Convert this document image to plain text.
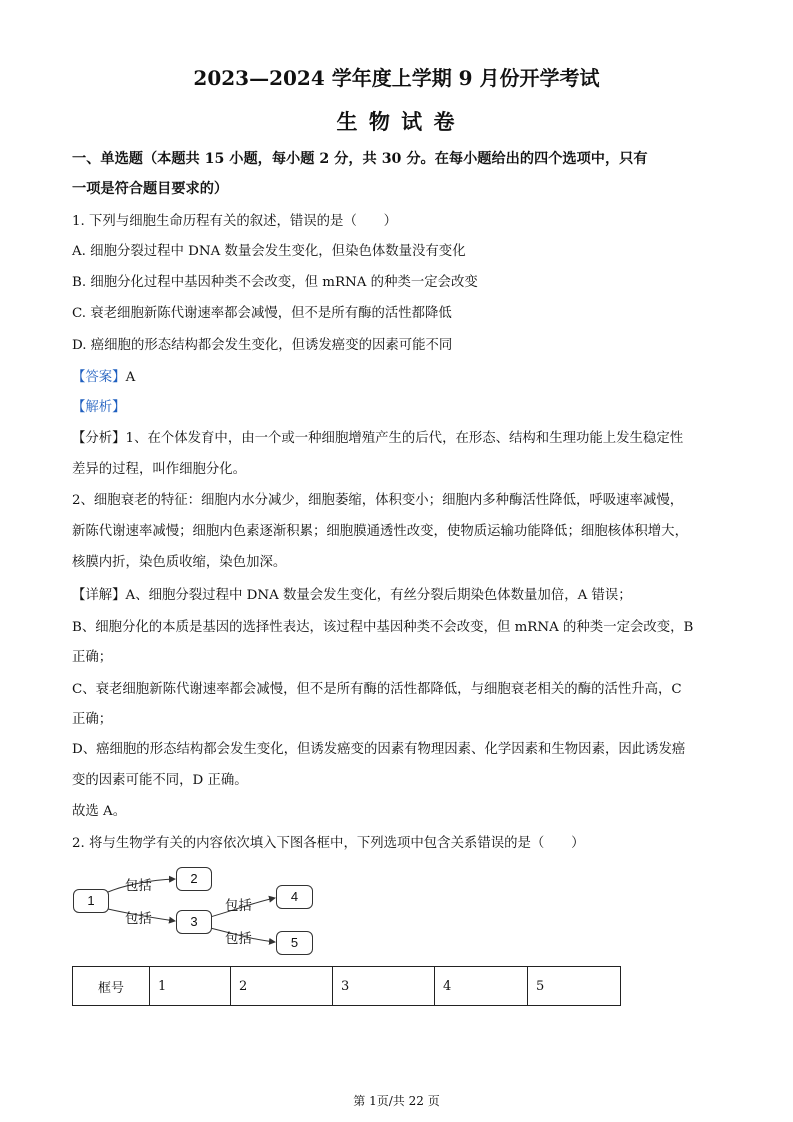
2023—2024 学年度上学期 9 月份开学考试
生 物 试 卷
一、单选题（本题共 15 小题，每小题 2 分，共 30 分。在每小题给出的四个选项中，只有
一项是符合题目要求的）
1. 下列与细胞生命历程有关的叙述，错误的是（　　）
A. 细胞分裂过程中 DNA 数量会发生变化，但染色体数量没有变化
B. 细胞分化过程中基因种类不会改变，但 mRNA 的种类一定会改变
C. 衰老细胞新陈代谢速率都会减慢，但不是所有酶的活性都降低
D. 癌细胞的形态结构都会发生变化，但诱发癌变的因素可能不同
【答案】A
【解析】
【分析】1、在个体发育中，由一个或一种细胞增殖产生的后代，在形态、结构和生理功能上发生稳定性
差异的过程，叫作细胞分化。
2、细胞衰老的特征：细胞内水分减少，细胞萎缩，体积变小；细胞内多种酶活性降低，呼吸速率减慢，
新陈代谢速率减慢；细胞内色素逐渐积累；细胞膜通透性改变，使物质运输功能降低；细胞核体积增大，
核膜内折，染色质收缩，染色加深。
【详解】A、细胞分裂过程中 DNA 数量会发生变化，有丝分裂后期染色体数量加倍，A 错误；
B、细胞分化的本质是基因的选择性表达，该过程中基因种类不会改变，但 mRNA 的种类一定会改变，B
正确；
C、衰老细胞新陈代谢速率都会减慢，但不是所有酶的活性都降低，与细胞衰老相关的酶的活性升高，C
正确；
D、癌细胞的形态结构都会发生变化，但诱发癌变的因素有物理因素、化学因素和生物因素，因此诱发癌
变的因素可能不同，D 正确。
故选 A。
2. 将与生物学有关的内容依次填入下图各框中，下列选项中包含关系错误的是（　　）
1
2
3
4
5
包括
包括
包括
包括
框号	1	2	3	4	5
第 1页/共 22 页
